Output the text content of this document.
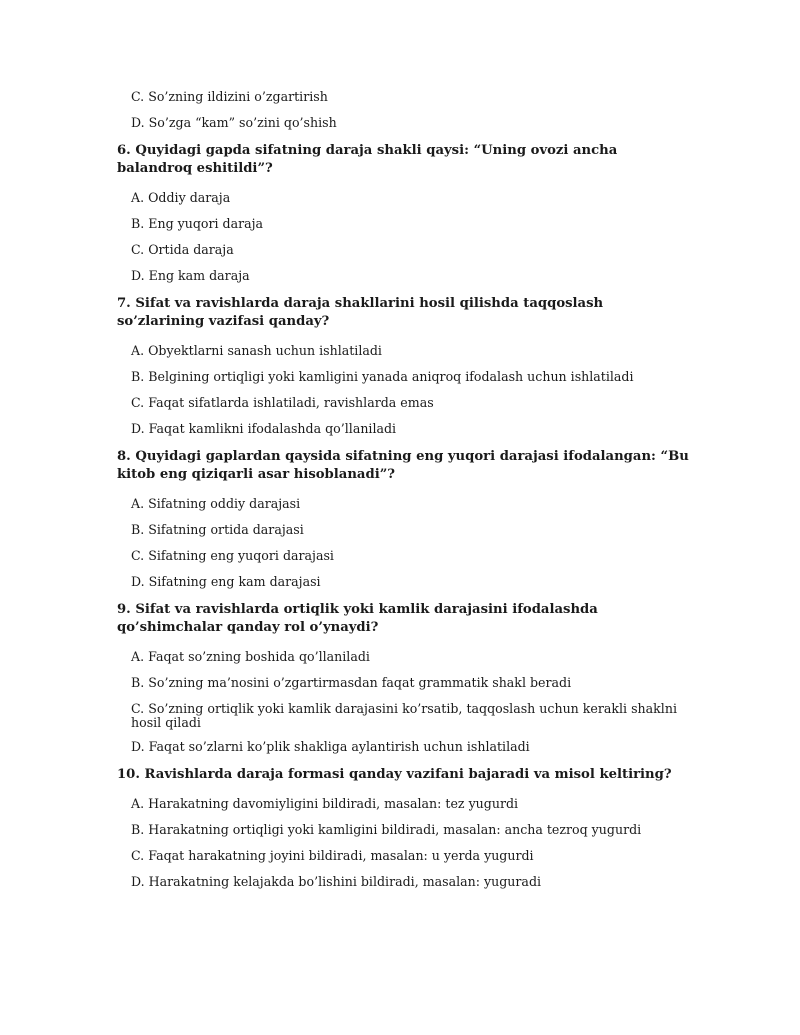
C. So’zning ildizini o’zgartirish

D. So’zga “kam” so’zini qo’shish

6. Quyidagi gapda sifatning daraja shakli qaysi: “Uning ovozi ancha balandroq eshitildi”?

A. Oddiy daraja

B. Eng yuqori daraja

C. Ortida daraja

D. Eng kam daraja

7. Sifat va ravishlarda daraja shakllarini hosil qilishda taqqoslash so’zlarining vazifasi qanday?

A. Obyektlarni sanash uchun ishlatiladi

B. Belgining ortiqligi yoki kamligini yanada aniqroq ifodalash uchun ishlatiladi

C. Faqat sifatlarda ishlatiladi, ravishlarda emas

D. Faqat kamlikni ifodalashda qo’llaniladi

8. Quyidagi gaplardan qaysida sifatning eng yuqori darajasi ifodalangan: “Bu kitob eng qiziqarli asar hisoblanadi”?

A. Sifatning oddiy darajasi

B. Sifatning ortida darajasi

C. Sifatning eng yuqori darajasi

D. Sifatning eng kam darajasi

9. Sifat va ravishlarda ortiqlik yoki kamlik darajasini ifodalashda qo’shimchalar qanday rol o’ynaydi?

A. Faqat so’zning boshida qo’llaniladi

B. So’zning ma’nosini o’zgartirmasdan faqat grammatik shakl beradi

C. So’zning ortiqlik yoki kamlik darajasini ko’rsatib, taqqoslash uchun kerakli shaklni hosil qiladi

D. Faqat so’zlarni ko’plik shakliga aylantirish uchun ishlatiladi

10. Ravishlarda daraja formasi qanday vazifani bajaradi va misol keltiring?

A. Harakatning davomiyligini bildiradi, masalan: tez yugurdi

B. Harakatning ortiqligi yoki kamligini bildiradi, masalan: ancha tezroq yugurdi

C. Faqat harakatning joyini bildiradi, masalan: u yerda yugurdi

D. Harakatning kelajakda bo’lishini bildiradi, masalan: yuguradi
